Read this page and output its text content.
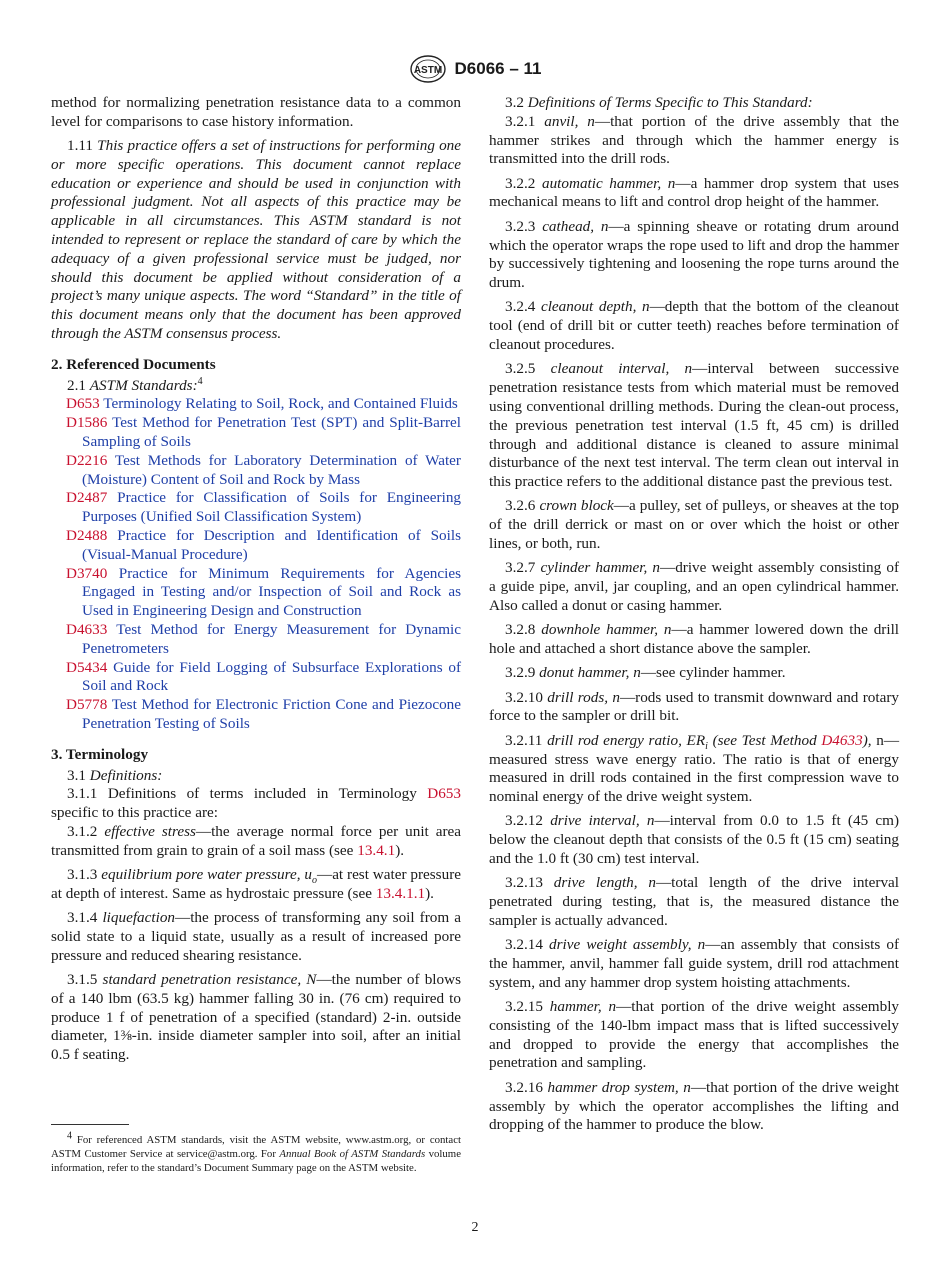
ASTM D6066 – 11

method for normalizing penetration resistance data to a common level for comparisons to case history information.

1.11 This practice offers a set of instructions for performing one or more specific operations. This document cannot replace education or experience and should be used in conjunction with professional judgment. Not all aspects of this practice may be applicable in all circumstances. This ASTM standard is not intended to represent or replace the standard of care by which the adequacy of a given professional service must be judged, nor should this document be applied without consideration of a project’s many unique aspects. The word “Standard” in the title of this document means only that the document has been approved through the ASTM consensus process.

2. Referenced Documents

2.1 ASTM Standards:$^4$

D653 Terminology Relating to Soil, Rock, and Contained Fluids

D1586 Test Method for Penetration Test (SPT) and Split-Barrel Sampling of Soils

D2216 Test Methods for Laboratory Determination of Water (Moisture) Content of Soil and Rock by Mass

D2487 Practice for Classification of Soils for Engineering Purposes (Unified Soil Classification System)

D2488 Practice for Description and Identification of Soils (Visual-Manual Procedure)

D3740 Practice for Minimum Requirements for Agencies Engaged in Testing and/or Inspection of Soil and Rock as Used in Engineering Design and Construction

D4633 Test Method for Energy Measurement for Dynamic Penetrometers

D5434 Guide for Field Logging of Subsurface Explorations of Soil and Rock

D5778 Test Method for Electronic Friction Cone and Piezocone Penetration Testing of Soils

3. Terminology

3.1 Definitions:

3.1.1 Definitions of terms included in Terminology D653 specific to this practice are:

3.1.2 effective stress—the average normal force per unit area transmitted from grain to grain of a soil mass (see 13.4.1).

3.1.3 equilibrium pore water pressure, $u_o—at$ rest water pressure at depth of interest. Same as hydrostaic pressure (see 13.4.1.1).

3.1.4 liquefaction—the process of transforming any soil from a solid state to a liquid state, usually as a result of increased pore pressure and reduced shearing resistance.

3.1.5 standard penetration resistance, N—the number of blows of a 140 lbm (63.5 kg) hammer falling 30 in. (76 cm) required to produce 1 f of penetration of a specified (standard) 2-in. outside diameter, 1⅜-in. inside diameter sampler into soil, after an initial 0.5 f seating.

$^4$ For referenced ASTM standards, visit the ASTM website, www.astm.org, or contact ASTM Customer Service at service@astm.org. For Annual Book of ASTM Standards volume information, refer to the standard’s Document Summary page on the ASTM website.

3.2 Definitions of Terms Specific to This Standard:

3.2.1 anvil, n—that portion of the drive assembly that the hammer strikes and through which the hammer energy is transmitted into the drill rods.

3.2.2 automatic hammer, n—a hammer drop system that uses mechanical means to lift and control drop height of the hammer.

3.2.3 cathead, n—a spinning sheave or rotating drum around which the operator wraps the rope used to lift and drop the hammer by successively tightening and loosening the rope turns around the drum.

3.2.4 cleanout depth, n—depth that the bottom of the cleanout tool (end of drill bit or cutter teeth) reaches before termination of cleanout procedures.

3.2.5 cleanout interval, n—interval between successive penetration resistance tests from which material must be removed using conventional drilling methods. During the clean-out process, the previous penetration test interval (1.5 ft, 45 cm) is drilled through and additional distance is cleaned to assure minimal disturbance of the next test interval. The term clean out interval in this practice refers to the additional distance past the previous test.

3.2.6 crown block—a pulley, set of pulleys, or sheaves at the top of the drill derrick or mast on or over which the hoist or other lines, or both, run.

3.2.7 cylinder hammer, n—drive weight assembly consisting of a guide pipe, anvil, jar coupling, and an open cylindrical hammer. Also called a donut or casing hammer.

3.2.8 downhole hammer, n—a hammer lowered down the drill hole and attached a short distance above the sampler.

3.2.9 donut hammer, n—see cylinder hammer.

3.2.10 drill rods, n—rods used to transmit downward and rotary force to the sampler or drill bit.

3.2.11 drill rod energy ratio, $ER_i$ (see Test Method D4633), n—measured stress wave energy ratio. The ratio is that of energy measured in drill rods contained in the first compression wave to nominal energy of the drive weight system.

3.2.12 drive interval, n—interval from 0.0 to 1.5 ft (45 cm) below the cleanout depth that consists of the 0.5 ft (15 cm) seating and the 1.0 ft (30 cm) test interval.

3.2.13 drive length, n—total length of the drive interval penetrated during testing, that is, the measured distance the sampler is actually advanced.

3.2.14 drive weight assembly, n—an assembly that consists of the hammer, anvil, hammer fall guide system, drill rod attachment system, and any hammer drop system hoisting attachments.

3.2.15 hammer, n—that portion of the drive weight assembly consisting of the 140-lbm impact mass that is lifted successively and dropped to provide the energy that accomplishes the penetration and sampling.

3.2.16 hammer drop system, n—that portion of the drive weight assembly by which the operator accomplishes the lifting and dropping of the hammer to produce the blow.

2
